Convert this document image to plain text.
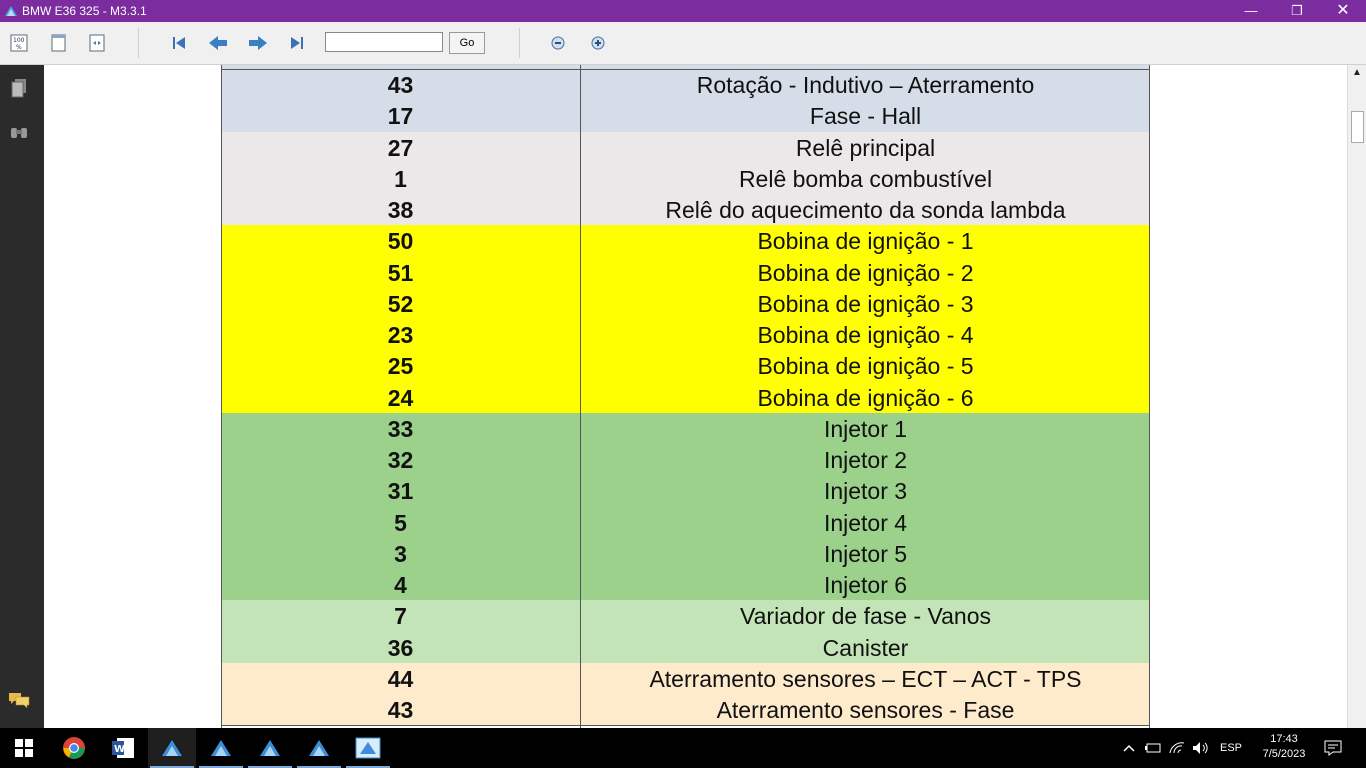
BMW E36 325 - M3.3.1	—	❐	✕
100
%	Go
43	Rotação - Indutivo – Aterramento
17	Fase - Hall
27	Relê principal
1	Relê bomba combustível
38	Relê do aquecimento da sonda lambda
50	Bobina de ignição - 1
51	Bobina de ignição - 2
52	Bobina de ignição - 3
23	Bobina de ignição - 4
25	Bobina de ignição - 5
24	Bobina de ignição - 6
33	Injetor 1
32	Injetor 2
31	Injetor 3
5	Injetor 4
3	Injetor 5
4	Injetor 6
7	Variador de fase - Vanos
36	Canister
44	Aterramento sensores – ECT – ACT - TPS
43	Aterramento sensores - Fase
▲
W	ESP
17:43
7/5/2023
